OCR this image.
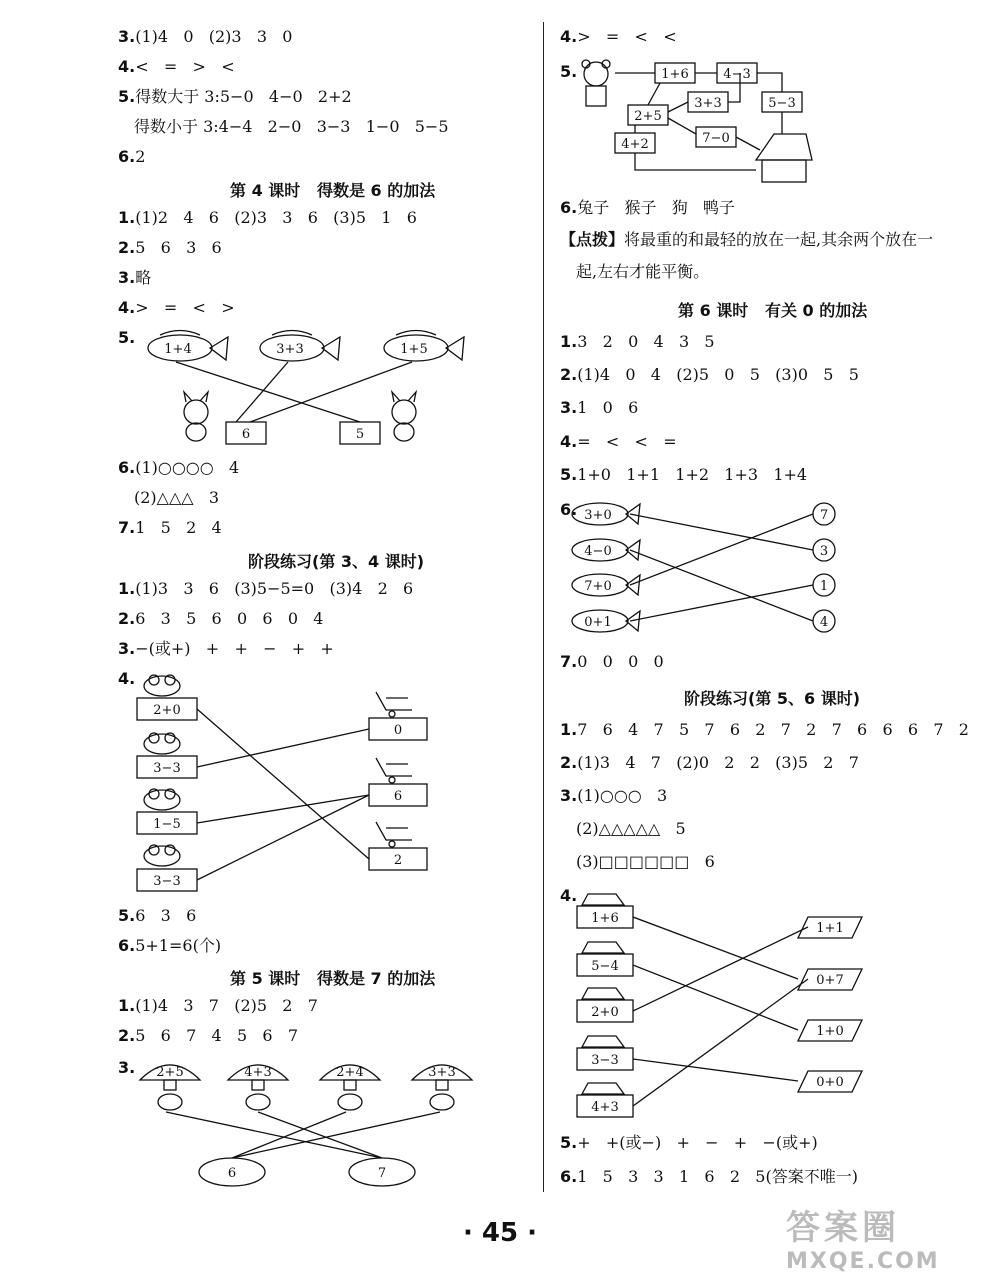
3.(1)4   0   (2)3   3   0
4.<   =   >   <
5.得数大于 3:5−0   4−0   2+2
得数小于 3:4−4   2−0   3−3   1−0   5−5
6.2
第 4 课时   得数是 6 的加法
1.(1)2   4   6   (2)3   3   6   (3)5   1   6
2.5   6   3   6
3.略
4.>   =   <   >
5.
6.(1)○○○○   4
(2)△△△   3
7.1   5   2   4
阶段练习(第 3、4 课时)
1.(1)3   3   6   (3)5−5=0   (3)4   2   6
2.6   3   5   6   0   6   0   4
3.−(或+)   +   +   −   +   +
4.
5.6   3   6
6.5+1=6(个)
第 5 课时   得数是 7 的加法
1.(1)4   3   7   (2)5   2   7
2.5   6   7   4   5   6   7
3.
4.>   =   <   <
5.
6.兔子   猴子   狗   鸭子
【点拨】将最重的和最轻的放在一起,其余两个放在一
起,左右才能平衡。
第 6 课时   有关 0 的加法
1.3   2   0   4   3   5
2.(1)4   0   4   (2)5   0   5   (3)0   5   5
3.1   0   6
4.=   <   <   =
5.1+0   1+1   1+2   1+3   1+4
6.
7.0   0   0   0
阶段练习(第 5、6 课时)
1.7   6   4   7   5   7   6   2   7   2   7   6   6   6   7   2
2.(1)3   4   7   (2)0   2   2   (3)5   2   7
3.(1)○○○   3
(2)△△△△△   5
(3)□□□□□□   6
4.
5.+   +(或−)   +   −   +   −(或+)
6.1   5   3   3   1   6   2   5(答案不唯一)
1+4	3+3	1+5
6	5
2+0
3−3
1−5
3−3
0
6
2
2+5	4+3	2+4	3+3
6	7
1+6	4−3
3+3	5−3
2+5
7−0
4+2
3+0
4−0
7+0
0+1
7
3
1
4
1+6
5−4
2+0
3−3
4+3
1+1
0+7
1+0
0+0
· 45 ·	答案圈
MXQE.COM
